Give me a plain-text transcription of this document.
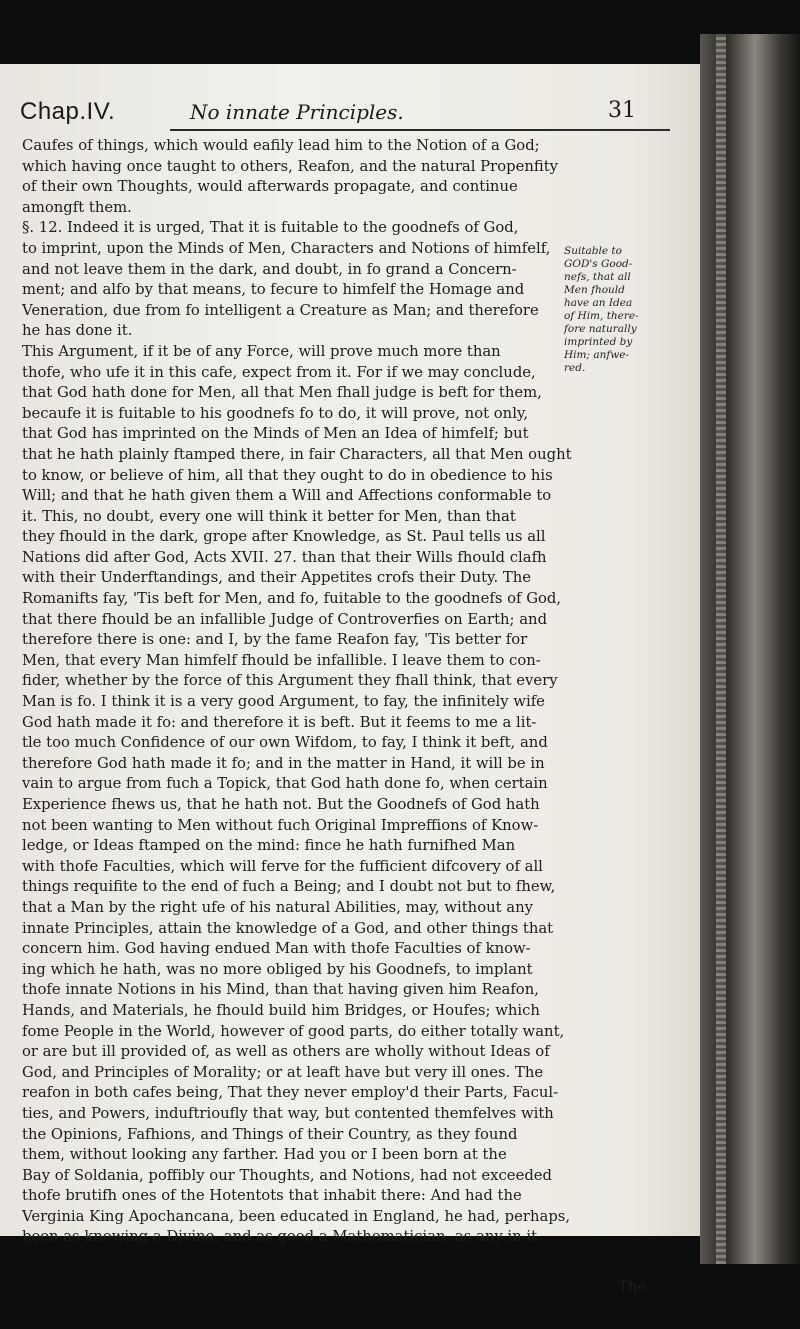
Chap.IV.	No innate Principles.	31
Caufes of things, which would eafily lead him to the Notion of a God;
which having once taught to others, Reafon, and the natural Propenfity
of their own Thoughts, would afterwards propagate, and continue
amongft them.
§. 12. Indeed it is urged, That it is fuitable to the goodnefs of God,
to imprint, upon the Minds of Men, Characters and Notions of himfelf,
and not leave them in the dark, and doubt, in fo grand a Concern-
ment; and alfo by that means, to fecure to himfelf the Homage and
Veneration, due from fo intelligent a Creature as Man; and therefore
he has done it.
This Argument, if it be of any Force, will prove much more than
thofe, who ufe it in this cafe, expect from it. For if we may conclude,
that God hath done for Men, all that Men fhall judge is beft for them,
becaufe it is fuitable to his goodnefs fo to do, it will prove, not only,
that God has imprinted on the Minds of Men an Idea of himfelf; but
that he hath plainly ftamped there, in fair Characters, all that Men ought
to know, or believe of him, all that they ought to do in obedience to his
Will; and that he hath given them a Will and Affections conformable to
it. This, no doubt, every one will think it better for Men, than that
they fhould in the dark, grope after Knowledge, as St. Paul tells us all
Nations did after God, Acts XVII. 27. than that their Wills fhould clafh
with their Underftandings, and their Appetites crofs their Duty. The
Romanifts fay, 'Tis beft for Men, and fo, fuitable to the goodnefs of God,
that there fhould be an infallible Judge of Controverfies on Earth; and
therefore there is one: and I, by the fame Reafon fay, 'Tis better for
Men, that every Man himfelf fhould be infallible. I leave them to con-
fider, whether by the force of this Argument they fhall think, that every
Man is fo. I think it is a very good Argument, to fay, the infinitely wife
God hath made it fo: and therefore it is beft. But it feems to me a lit-
tle too much Confidence of our own Wifdom, to fay, I think it beft, and
therefore God hath made it fo; and in the matter in Hand, it will be in
vain to argue from fuch a Topick, that God hath done fo, when certain
Experience fhews us, that he hath not. But the Goodnefs of God hath
not been wanting to Men without fuch Original Impreffions of Know-
ledge, or Ideas ftamped on the mind: fince he hath furnifhed Man
with thofe Faculties, which will ferve for the fufficient difcovery of all
things requifite to the end of fuch a Being; and I doubt not but to fhew,
that a Man by the right ufe of his natural Abilities, may, without any
innate Principles, attain the knowledge of a God, and other things that
concern him. God having endued Man with thofe Faculties of know-
ing which he hath, was no more obliged by his Goodnefs, to implant
thofe innate Notions in his Mind, than that having given him Reafon,
Hands, and Materials, he fhould build him Bridges, or Houfes; which
fome People in the World, however of good parts, do either totally want,
or are but ill provided of, as well as others are wholly without Ideas of
God, and Principles of Morality; or at leaft have but very ill ones. The
reafon in both cafes being, That they never employ'd their Parts, Facul-
ties, and Powers, induftrioufly that way, but contented themfelves with
the Opinions, Fafhions, and Things of their Country, as they found
them, without looking any farther. Had you or I been born at the
Bay of Soldania, poffibly our Thoughts, and Notions, had not exceeded
thofe brutifh ones of the Hotentots that inhabit there: And had the
Verginia King Apochancana, been educated in England, he had, perhaps,
been as knowing a Divine, and as good a Mathematician, as any in it.
Suitable to
GOD's Good-
nefs, that all
Men fhould
have an Idea
of Him, there-
fore naturally
imprinted by
Him; anfwe-
red.
The
